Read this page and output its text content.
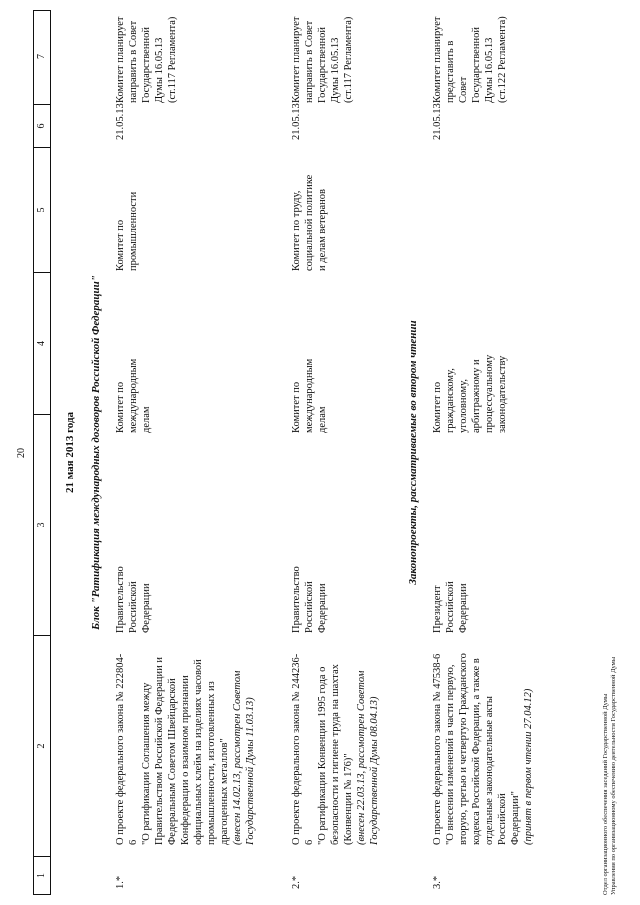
20
1
2
3
4
5
6
7
21 мая 2013 года Блок "Ратификация международных договоров Российской Федерации"
1.*
О проекте федерального закона № 222804-6 "О ратификации Соглашения между Правительством Российской Федерации и Федеральным Советом Швейцарской Конфедерации о взаимном признании официальных клейм на изделиях часовой промышленности, изготовленных из драгоценных металлов" (внесен 14.02.13, рассмотрен Советом Государственной Думы 11.03.13)
Правительство Российской Федерации
Комитет по международным делам
Комитет по промышленности
21.05.13
Комитет планирует направить в Совет Государственной Думы 16.05.13 (ст.117 Регламента)
2.*
О проекте федерального закона № 244236-6 "О ратификации Конвенции 1995 года о безопасности и гигиене труда на шахтах (Конвенции № 176)" (внесен 22.03.13, рассмотрен Советом Государственной Думы 08.04.13)
Правительство Российской Федерации
Комитет по международным делам
Комитет по труду, социальной политике и делам ветеранов
21.05.13
Комитет планирует направить в Совет Государственной Думы 16.05.13 (ст.117 Регламента)
Законопроекты, рассматриваемые во втором чтении
3.*
О проекте федерального закона № 47538-6 "О внесении изменений в части первую, вторую, третью и четвертую Гражданского кодекса Российской Федерации, а также в отдельные законодательные акты Российской Федерации" (принят в первом чтении 27.04.12)
Президент Российской Федерации
Комитет по гражданскому, уголовному, арбитражному и процессуальному законодательству
21.05.13
Комитет планирует представить в Совет Государственной Думы 16.05.13 (ст.122 Регламента)
Отдел организационного обеспечения заседаний Государственной Думы Управления по организационному обеспечению деятельности Государственной Думы
